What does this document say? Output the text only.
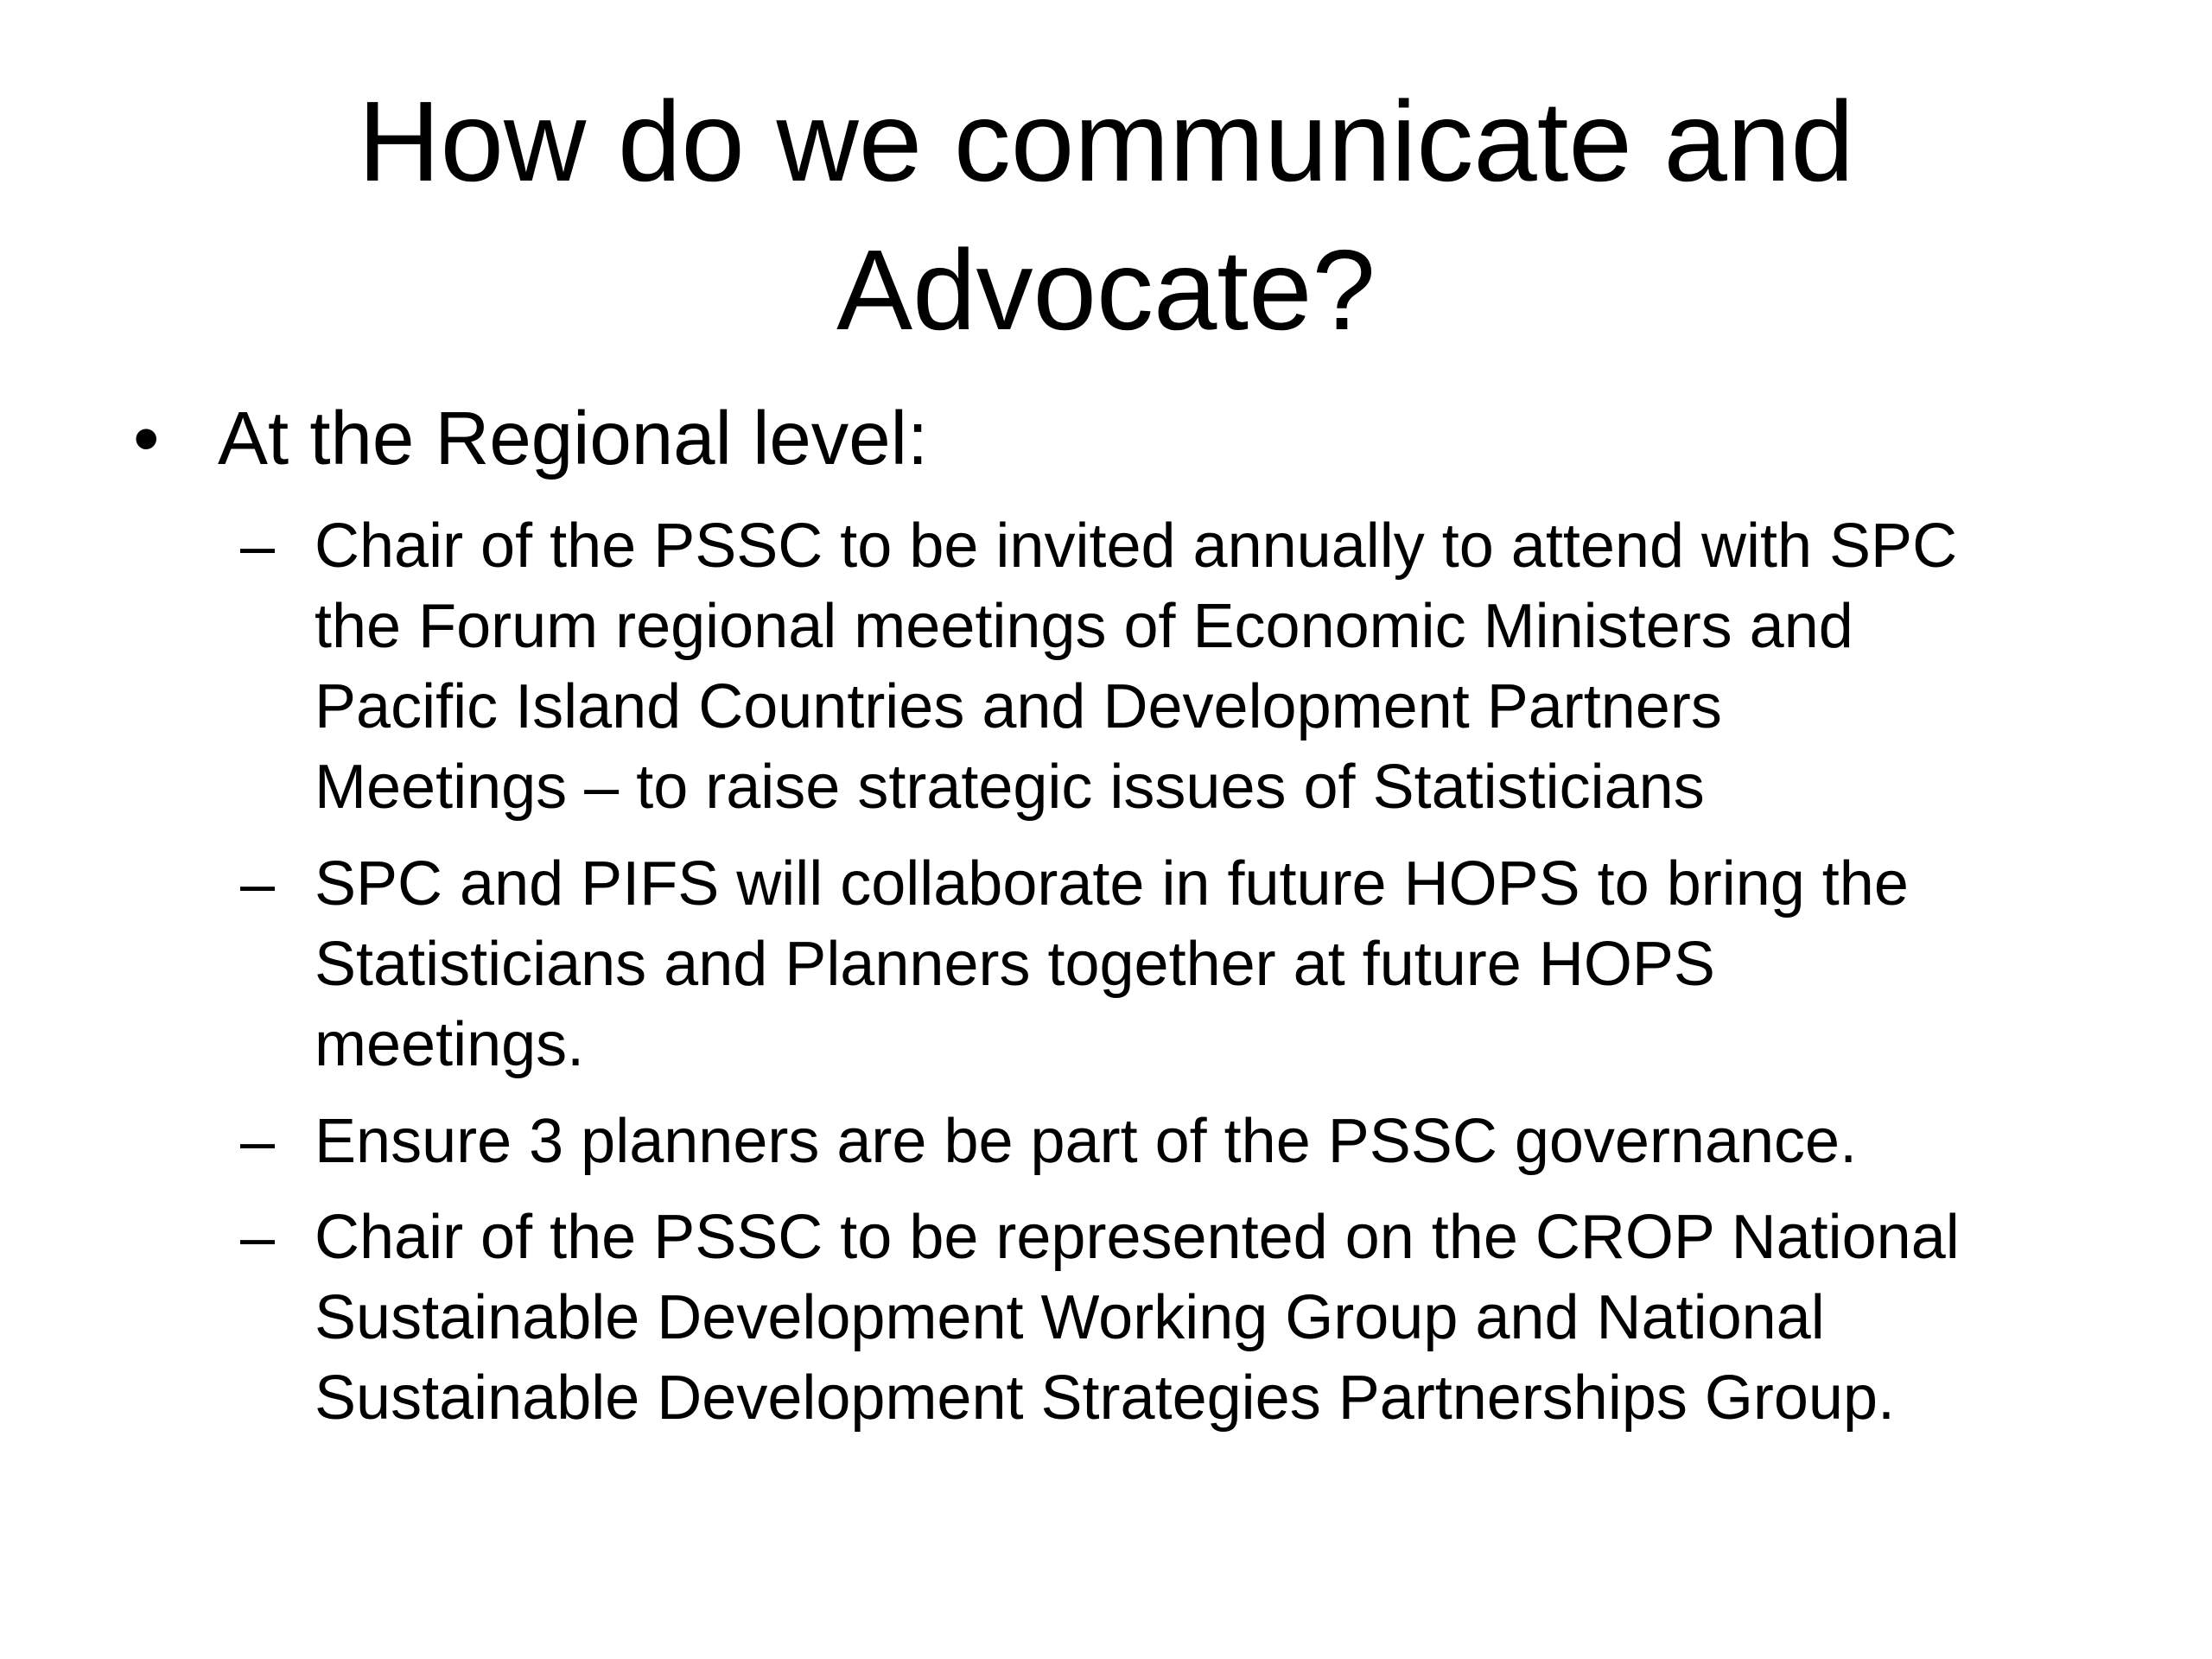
How do we communicate and
Advocate?
• At the Regional level:
– Chair of the PSSC to be invited annually to attend with SPC
the Forum regional meetings of Economic Ministers and
Pacific Island Countries and Development Partners
Meetings – to raise strategic issues of Statisticians
– SPC and PIFS will collaborate in future HOPS to bring the
Statisticians and Planners together at future HOPS
meetings.
– Ensure 3 planners are be part of the PSSC governance.
– Chair of the PSSC to be represented on the CROP National
Sustainable Development Working Group and National
Sustainable Development Strategies Partnerships Group.
